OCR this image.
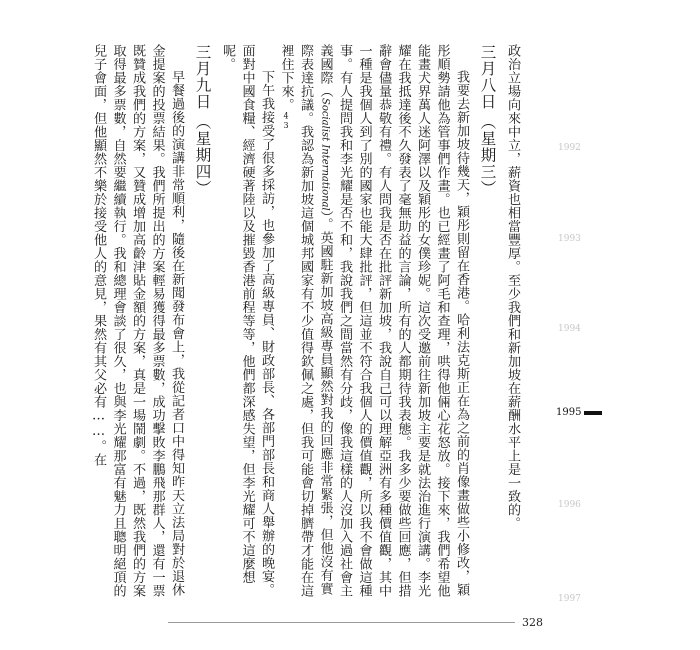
政治立場向來中立，薪資也相當豐厚。至少我們和新加坡在薪酬水平上是一致的。

三月八日（星期三）

我要去新加坡待幾天，穎彤則留在香港。哈利法克斯正在為之前的肖像畫做些小修改，穎彤順勢請他為管事們作畫。也已經畫了阿毛和查理，哄得他倆心花怒放。接下來，我們希望他能畫犬界萬人迷阿澤以及穎彤的女僕珍妮。這次受邀前往新加坡主要是就法治進行演講。李光耀在我抵達後不久發表了毫無助益的言論，所有的人都期待我表態。我多少要做些回應，但措辭會儘量恭敬有禮。有人問我是否在批評新加坡，我說自己可以理解亞洲有多種價值觀，其中一種是我個人到了別的國家也能大肆批評，但這並不符合我個人的價值觀，所以我不會做這種事。有人提問我和李光耀是否不和，我說我們之間當然有分歧，像我這樣的人沒加入過社會主義國際（Socialist International）。英國駐新加坡高級專員顯然對我的回應非常緊張，但他沒有實際表達抗議。我認為新加坡這個城邦國家有不少值得欽佩之處，但我可能會切掉臍帶才能在這裡住下來。43

下午我接受了很多採訪，也參加了高級專員、財政部長、各部門部長和商人舉辦的晚宴。面對中國食糧、經濟硬著陸以及摧毀香港前程等等，他們都深感失望，但李光耀可不這麼想呢。

三月九日（星期四）

早餐過後的演講非常順利，隨後在新聞發布會上，我從記者口中得知昨天立法局對於退休金提案的投票結果。我們所提出的方案輕易獲得最多票數，成功擊敗李鵬飛那群人，還有一票既贊成我們的方案，又贊成增加高齡津貼金額的方案，真是一場鬧劇。不過，既然我們的方案取得最多票數，自然要繼續執行。我和總理會談了很久，也與李光耀那富有魅力且聰明絕頂的兒子會面，但他顯然不樂於接受他人的意見，果然有其父必有……。在	1992
1993
1994
1995
1996
1997
328
